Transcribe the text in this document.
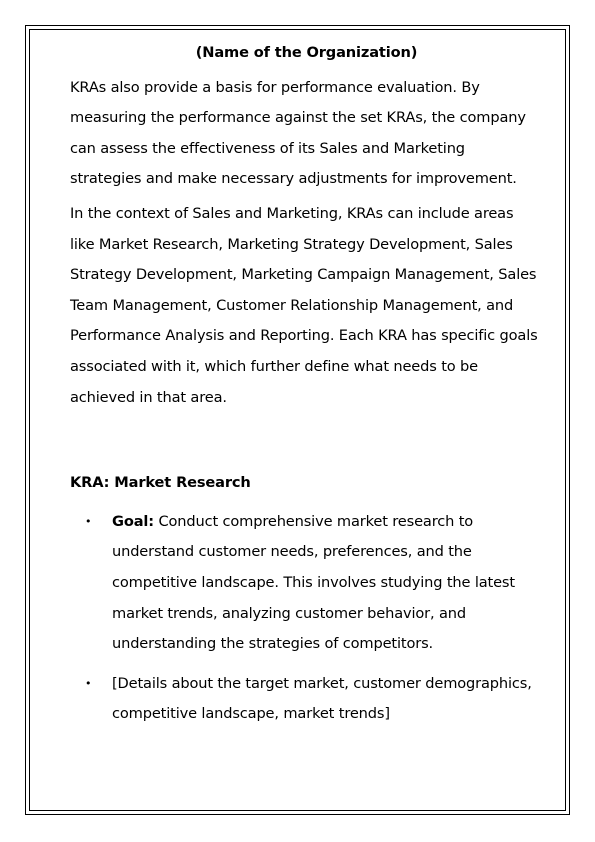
(Name of the Organization)

KRAs also provide a basis for performance evaluation. By measuring the performance against the set KRAs, the company can assess the effectiveness of its Sales and Marketing strategies and make necessary adjustments for improvement.

In the context of Sales and Marketing, KRAs can include areas like Market Research, Marketing Strategy Development, Sales Strategy Development, Marketing Campaign Management, Sales Team Management, Customer Relationship Management, and Performance Analysis and Reporting. Each KRA has specific goals associated with it, which further define what needs to be achieved in that area.

KRA: Market Research

• Goal: Conduct comprehensive market research to understand customer needs, preferences, and the competitive landscape. This involves studying the latest market trends, analyzing customer behavior, and understanding the strategies of competitors.
• [Details about the target market, customer demographics, competitive landscape, market trends]
